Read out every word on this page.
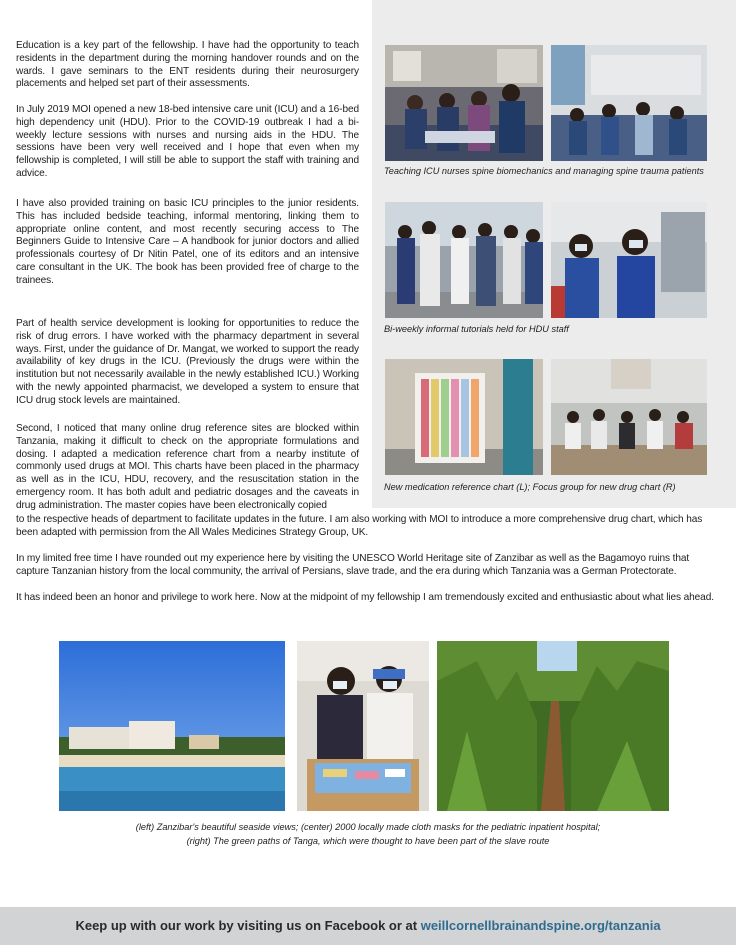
Education is a key part of the fellowship. I have had the opportunity to teach residents in the department during the morning handover rounds and on the wards. I gave seminars to the ENT residents during their neurosurgery placements and helped set part of their assessments.

In July 2019 MOI opened a new 18-bed intensive care unit (ICU) and a 16-bed high dependency unit (HDU). Prior to the COVID-19 outbreak I had a bi-weekly lecture sessions with nurses and nursing aids in the HDU. The sessions have been very well received and I hope that even when my fellowship is completed, I will still be able to support the staff with training and advice.

I have also provided training on basic ICU principles to the junior residents. This has included bedside teaching, informal mentoring, linking them to appropriate online content, and most recently securing access to The Beginners Guide to Intensive Care – A handbook for junior doctors and allied professionals courtesy of Dr Nitin Patel, one of its editors and an intensive care consultant in the UK. The book has been provided free of charge to the trainees.

Part of health service development is looking for opportunities to reduce the risk of drug errors. I have worked with the pharmacy department in several ways. First, under the guidance of Dr. Mangat, we worked to support the ready availability of key drugs in the ICU. (Previously the drugs were within the institution but not necessarily available in the newly established ICU.) Working with the newly appointed pharmacist, we developed a system to ensure that ICU drug stock levels are maintained.

Second, I noticed that many online drug reference sites are blocked within Tanzania, making it difficult to check on the appropriate formulations and dosing. I adapted a medication reference chart from a nearby institute of commonly used drugs at MOI. This charts have been placed in the pharmacy as well as in the ICU, HDU, recovery, and the resuscitation station in the emergency room. It has both adult and pediatric dosages and the caveats in drug administration. The master copies have been electronically copied

to the respective heads of department to facilitate updates in the future. I am also working with MOI to introduce a more comprehensive drug chart, which has been adapted with permission from the All Wales Medicines Strategy Group, UK.

In my limited free time I have rounded out my experience here by visiting the UNESCO World Heritage site of Zanzibar as well as the Bagamoyo ruins that capture Tanzanian history from the local community, the arrival of Persians, slave trade, and the era during which Tanzania was a German Protectorate.

It has indeed been an honor and privilege to work here. Now at the midpoint of my fellowship I am tremendously excited and enthusiastic about what lies ahead.

Teaching ICU nurses spine biomechanics and managing spine trauma patients

Bi-weekly informal tutorials held for HDU staff

New medication reference chart (L); Focus group for new drug chart (R)

(left) Zanzibar's beautiful seaside views; (center) 2000 locally made cloth masks for the pediatric inpatient hospital;

(right) The green paths of Tanga, which were thought to have been part of the slave route

Keep up with our work by visiting us on Facebook or at weillcornellbrainandspine.org/tanzania
